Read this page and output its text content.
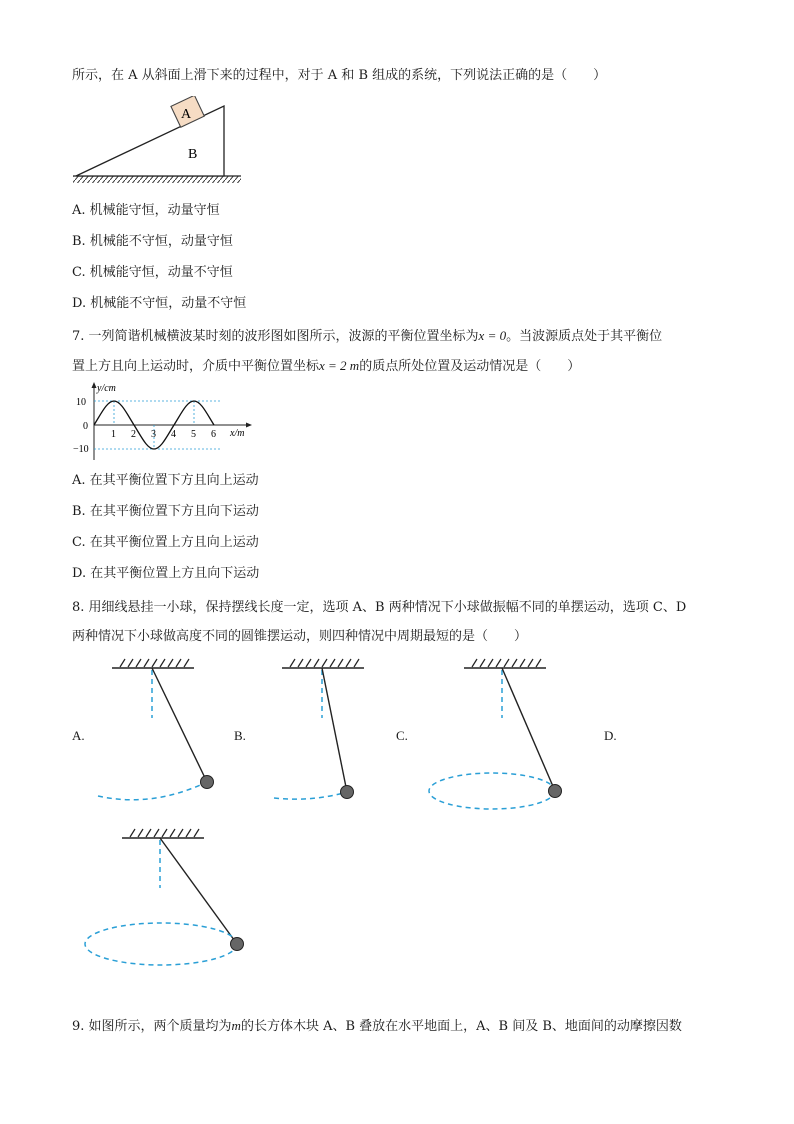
所示，在 A 从斜面上滑下来的过程中，对于 A 和 B 组成的系统，下列说法正确的是（　　）
A
B
A. 机械能守恒，动量守恒
B. 机械能不守恒，动量守恒
C. 机械能守恒，动量不守恒
D. 机械能不守恒，动量不守恒
7. 一列简谐机械横波某时刻的波形图如图所示，波源的平衡位置坐标为x = 0。当波源质点处于其平衡位
置上方且向上运动时，介质中平衡位置坐标x = 2 m的质点所处位置及运动情况是（　　）
y/cm
x/m
10
0
−10
1 2 3 4 5 6
A. 在其平衡位置下方且向上运动
B. 在其平衡位置下方且向下运动
C. 在其平衡位置上方且向上运动
D. 在其平衡位置上方且向下运动
8. 用细线悬挂一小球，保持摆线长度一定，选项 A、B 两种情况下小球做振幅不同的单摆运动，选项 C、D
两种情况下小球做高度不同的圆锥摆运动，则四种情况中周期最短的是（　　）
A.	B.	C.	D.
9. 如图所示，两个质量均为m的长方体木块 A、B 叠放在水平地面上，A、B 间及 B、地面间的动摩擦因数
